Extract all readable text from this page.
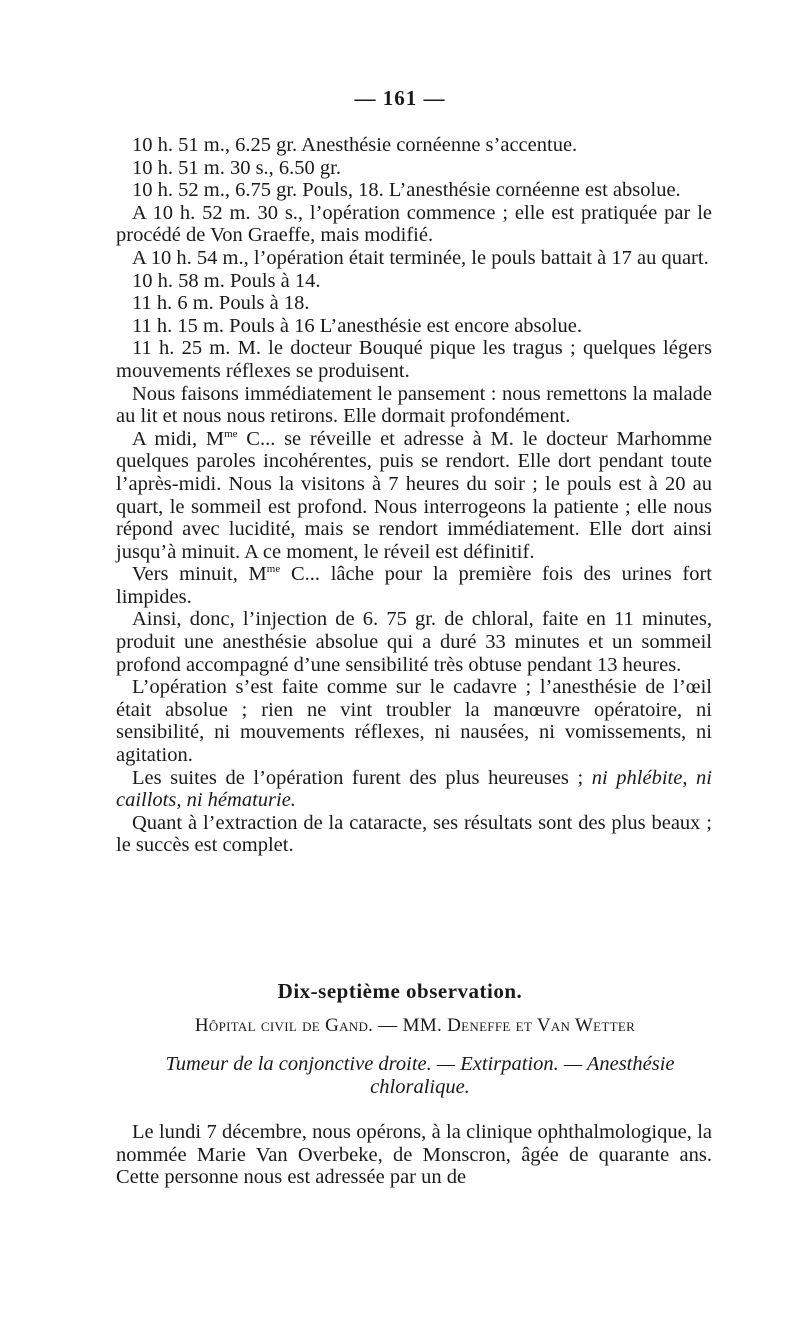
— 161 —

10 h. 51 m., 6.25 gr. Anesthésie cornéenne s’accentue.

10 h. 51 m. 30 s., 6.50 gr.

10 h. 52 m., 6.75 gr. Pouls, 18. L’anesthésie cornéenne est absolue.

A 10 h. 52 m. 30 s., l’opération commence ; elle est pratiquée par le procédé de Von Graeffe, mais modifié.

A 10 h. 54 m., l’opération était terminée, le pouls battait à 17 au quart.

10 h. 58 m. Pouls à 14.

11 h. 6 m. Pouls à 18.

11 h. 15 m. Pouls à 16 L’anesthésie est encore absolue.

11 h. 25 m. M. le docteur Bouqué pique les tragus ; quelques légers mouvements réflexes se produisent.

Nous faisons immédiatement le pansement : nous remettons la malade au lit et nous nous retirons. Elle dormait profondément.

A midi, $M^{me}$ C... se réveille et adresse à M. le docteur Marhomme quelques paroles incohérentes, puis se rendort. Elle dort pendant toute l’après-midi. Nous la visitons à 7 heures du soir ; le pouls est à 20 au quart, le sommeil est profond. Nous interrogeons la patiente ; elle nous répond avec lucidité, mais se rendort immédiatement. Elle dort ainsi jusqu’à minuit. A ce moment, le réveil est définitif.

Vers minuit, $M^{me}$ C... lâche pour la première fois des urines fort limpides.

Ainsi, donc, l’injection de 6. 75 gr. de chloral, faite en 11 minutes, produit une anesthésie absolue qui a duré 33 minutes et un sommeil profond accompagné d’une sensibilité très obtuse pendant 13 heures.

L’opération s’est faite comme sur le cadavre ; l’anesthésie de l’œil était absolue ; rien ne vint troubler la manœuvre opératoire, ni sensibilité, ni mouvements réflexes, ni nausées, ni vomissements, ni agitation.

Les suites de l’opération furent des plus heureuses ; ni phlébite, ni caillots, ni hématurie.

Quant à l’extraction de la cataracte, ses résultats sont des plus beaux ; le succès est complet.

Dix-septième observation.
Hôpital civil de Gand. — MM. Deneffe et Van Wetter
Tumeur de la conjonctive droite. — Extirpation. — Anesthésie chloralique.

Le lundi 7 décembre, nous opérons, à la clinique ophthalmologique, la nommée Marie Van Overbeke, de Monscron, âgée de quarante ans. Cette personne nous est adressée par un de
